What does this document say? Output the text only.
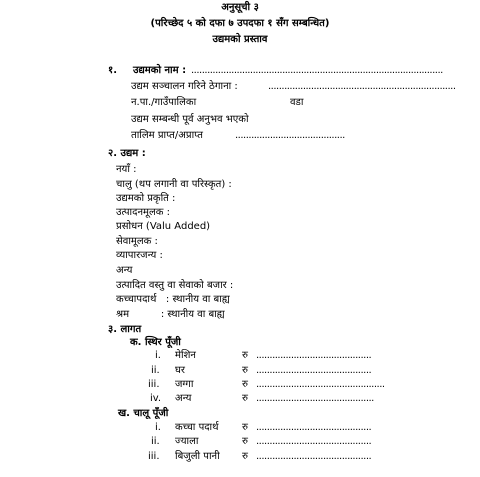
अनुसूची ३
(परिच्छेद ५ को दफा ७ उपदफा १ सँग सम्बन्धित)
उद्यमको प्रस्ताव
१. उद्यमको नाम : ..............................................................................................
उद्यम सञ्चालन गरिने ठेगाना :	......................................................................
न.पा./गाउँपालिका	वडा
उद्यम सम्बन्धी पूर्व अनुभव भएको
तालिम प्राप्त/अप्राप्त	.........................................
२. उद्यम :
नयाँ :
चालु (थप लगानी वा परिस्कृत) :
उद्यमको प्रकृति :
उत्पादनमूलक :
प्रसोधन (Valu Added)
सेवामूलक :
व्यापारजन्य :
अन्य
उत्पादित वस्तु वा सेवाको बजार :
कच्चापदार्थ   : स्थानीय वा बाह्य
श्रम          : स्थानीय वा बाह्य
३. लागत
क. स्थिर पूँजी
i. मेशिन	रु ...........................................
ii. घर	रु ...........................................
iii. जग्गा	रु ................................................
iv. अन्य	रु ............................................
ख. चालू पूँजी
i. कच्चा पदार्थ रु ...........................................
ii. ज्याला	रु ...........................................
iii. बिजुली पानी रु ...........................................
